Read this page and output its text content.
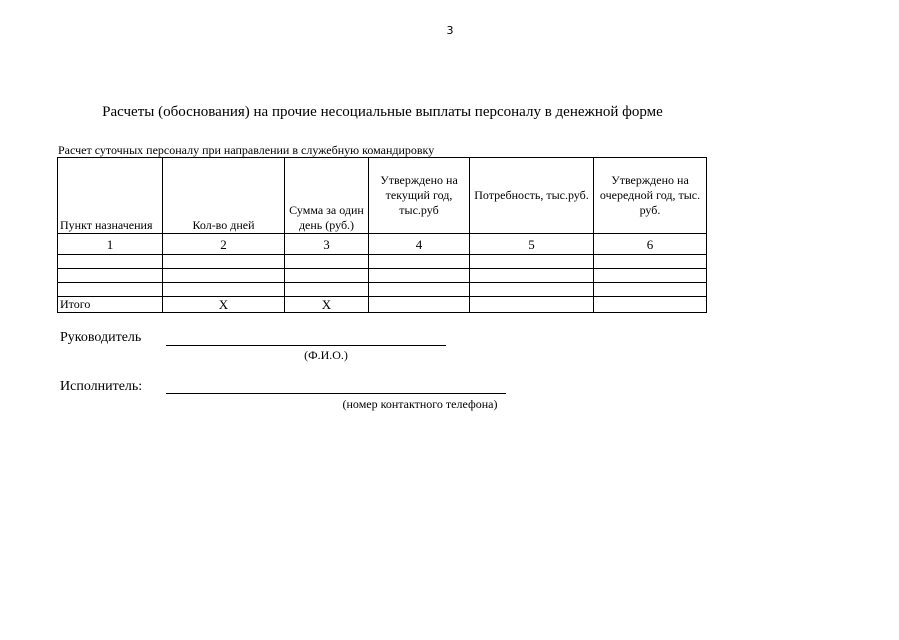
3
Расчеты (обоснования) на прочие несоциальные выплаты персоналу в денежной форме
Расчет суточных персоналу при направлении в служебную командировку
Пункт назначения	Кол-во дней	Сумма за один день (руб.)	Утверждено на текущий год, тыс.руб	Потребность, тыс.руб.	Утверждено на очередной год, тыс. руб.
1	2	3	4	5	6

Итого	Х	Х			
Руководитель
(Ф.И.О.)
Исполнитель:
(номер контактного телефона)
